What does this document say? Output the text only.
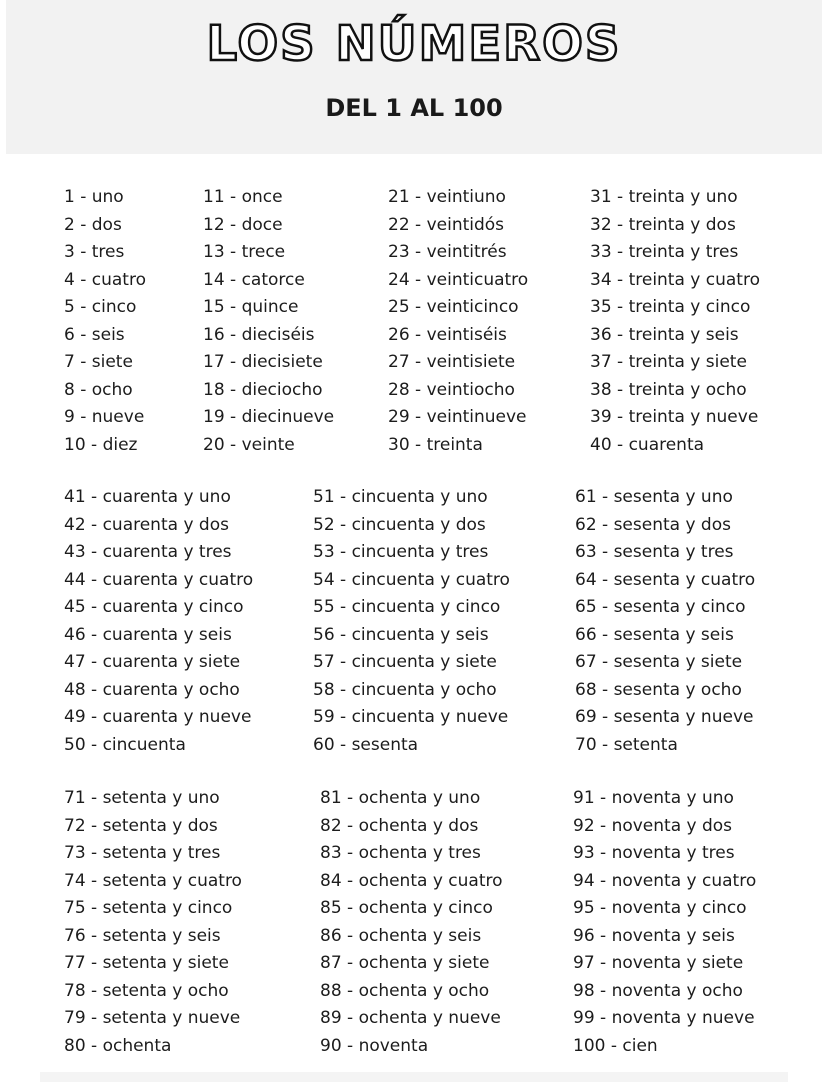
LOS NÚMEROS
DEL 1 AL 100
1 - uno
2 - dos
3 - tres
4 - cuatro
5 - cinco
6 - seis
7 - siete
8 - ocho
9 - nueve
10 - diez
11 - once
12 - doce
13 - trece
14 - catorce
15 - quince
16 - dieciséis
17 - diecisiete
18 - dieciocho
19 - diecinueve
20 - veinte
21 - veintiuno
22 - veintidós
23 - veintitrés
24 - veinticuatro
25 - veinticinco
26 - veintiséis
27 - veintisiete
28 - veintiocho
29 - veintinueve
30 - treinta
31 - treinta y uno
32 - treinta y dos
33 - treinta y tres
34 - treinta y cuatro
35 - treinta y cinco
36 - treinta y seis
37 - treinta y siete
38 - treinta y ocho
39 - treinta y nueve
40 - cuarenta
41 - cuarenta y uno
42 - cuarenta y dos
43 - cuarenta y tres
44 - cuarenta y cuatro
45 - cuarenta y cinco
46 - cuarenta y seis
47 - cuarenta y siete
48 - cuarenta y ocho
49 - cuarenta y nueve
50 - cincuenta
51 - cincuenta y uno
52 - cincuenta y dos
53 - cincuenta y tres
54 - cincuenta y cuatro
55 - cincuenta y cinco
56 - cincuenta y seis
57 - cincuenta y siete
58 - cincuenta y ocho
59 - cincuenta y nueve
60 - sesenta
61 - sesenta y uno
62 - sesenta y dos
63 - sesenta y tres
64 - sesenta y cuatro
65 - sesenta y cinco
66 - sesenta y seis
67 - sesenta y siete
68 - sesenta y ocho
69 - sesenta y nueve
70 - setenta
71 - setenta y uno
72 - setenta y dos
73 - setenta y tres
74 - setenta y cuatro
75 - setenta y cinco
76 - setenta y seis
77 - setenta y siete
78 - setenta y ocho
79 - setenta y nueve
80 - ochenta
81 - ochenta y uno
82 - ochenta y dos
83 - ochenta y tres
84 - ochenta y cuatro
85 - ochenta y cinco
86 - ochenta y seis
87 - ochenta y siete
88 - ochenta y ocho
89 - ochenta y nueve
90 - noventa
91 - noventa y uno
92 - noventa y dos
93 - noventa y tres
94 - noventa y cuatro
95 - noventa y cinco
96 - noventa y seis
97 - noventa y siete
98 - noventa y ocho
99 - noventa y nueve
100 - cien
